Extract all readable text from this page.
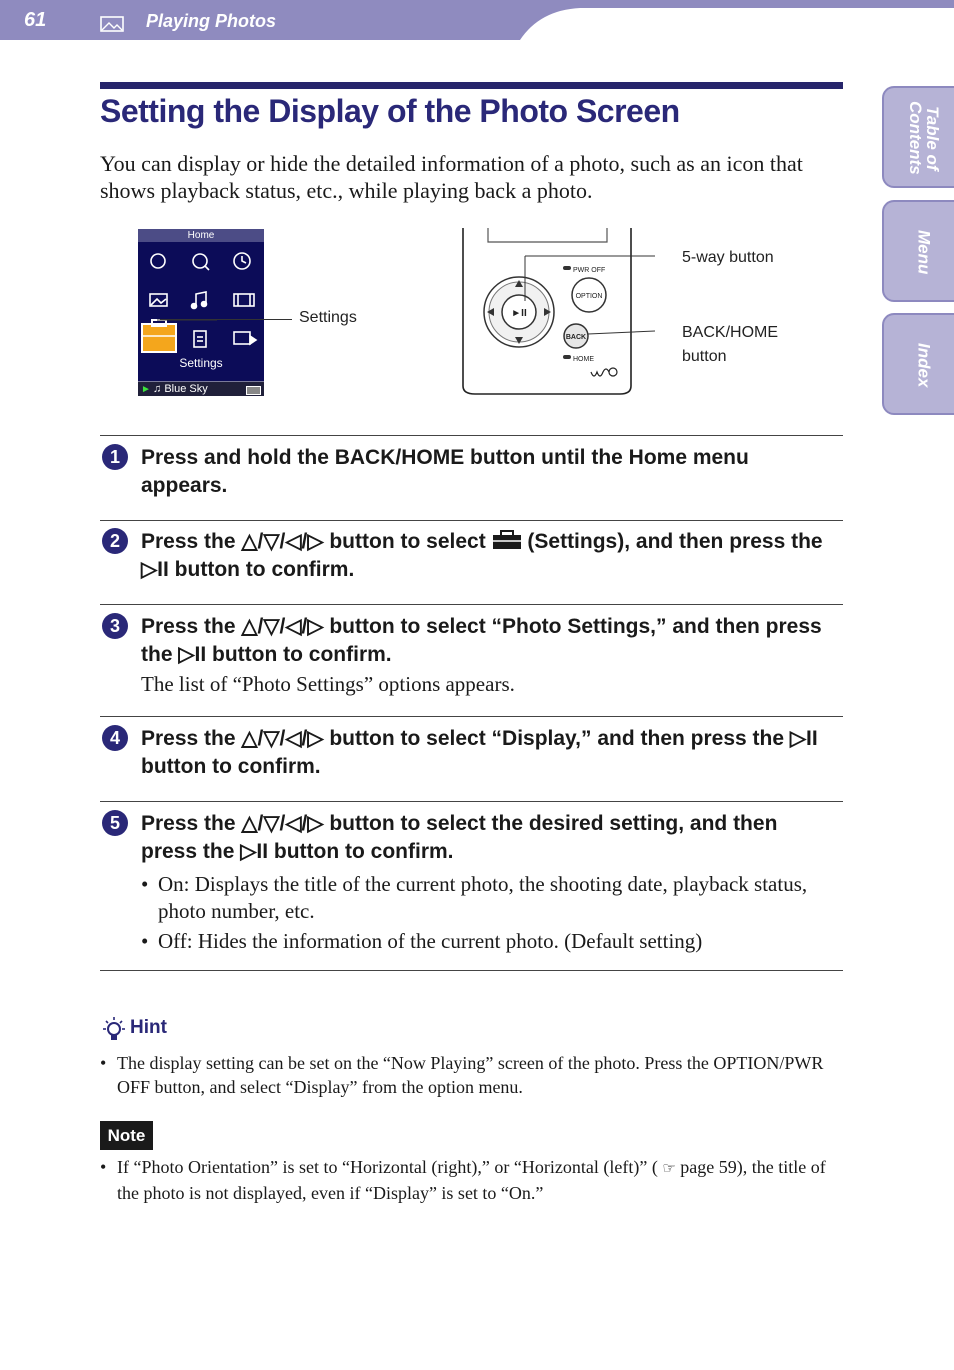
61	Playing Photos
Table of Contents
Menu
Index
Setting the Display of the Photo Screen

You can display or hide the detailed information of a photo, such as an icon that shows playback status, etc., while playing back a photo.

Home
Settings
► ♫ Blue Sky
Settings	►II
OPTION
PWR OFF
BACK
HOME
5-way button
BACK/HOME
button
1	Press and hold the BACK/HOME button until the Home menu appears.

2	Press the △/▽/◁/▷ button to select (Settings), and then press the ▷II button to confirm.

3	Press the △/▽/◁/▷ button to select “Photo Settings,” and then press the ▷II button to confirm.

The list of “Photo Settings” options appears.

4	Press the △/▽/◁/▷ button to select “Display,” and then press the ▷II button to confirm.

5	Press the △/▽/◁/▷ button to select the desired setting, and then press the ▷II button to confirm.

• On: Displays the title of the current photo, the shooting date, playback status, photo number, etc.
• Off: Hides the information of the current photo. (Default setting)
Hint
• The display setting can be set on the “Now Playing” screen of the photo. Press the OPTION/PWR OFF button, and select “Display” from the option menu.
Note
• If “Photo Orientation” is set to “Horizontal (right),” or “Horizontal (left)” ( ☞ page 59), the title of the photo is not displayed, even if “Display” is set to “On.”
